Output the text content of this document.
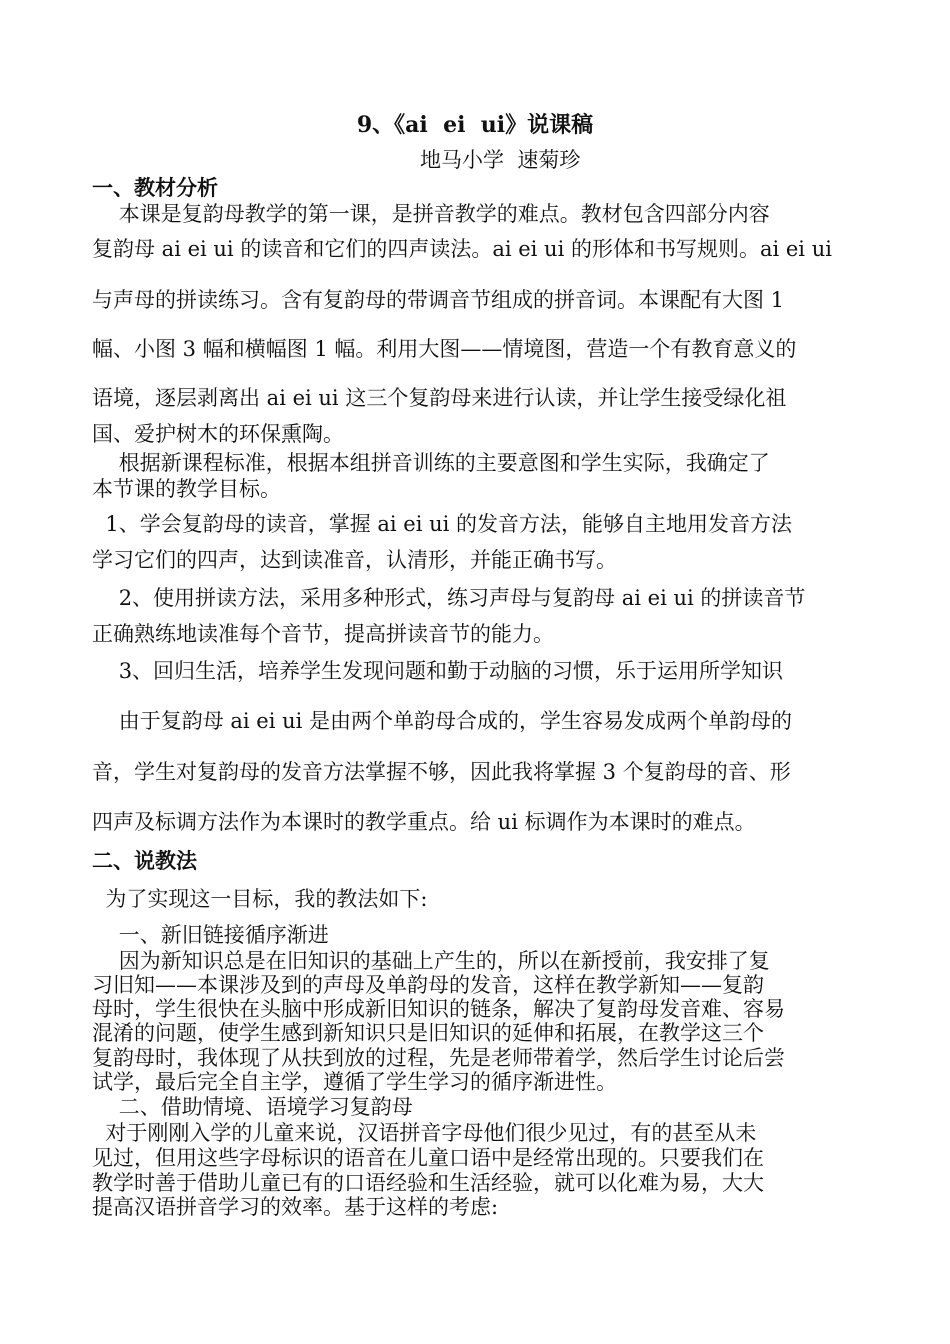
9、《ai  ei  ui》说课稿
地马小学  速菊珍
一、教材分析
本课是复韵母教学的第一课，是拼音教学的难点。教材包含四部分内容
复韵母 ai ei ui 的读音和它们的四声读法。ai ei ui 的形体和书写规则。ai ei ui
与声母的拼读练习。含有复韵母的带调音节组成的拼音词。本课配有大图 1
幅、小图 3 幅和横幅图 1 幅。利用大图——情境图，营造一个有教育意义的
语境，逐层剥离出 ai ei ui 这三个复韵母来进行认读，并让学生接受绿化祖
国、爱护树木的环保熏陶。
根据新课程标准，根据本组拼音训练的主要意图和学生实际，我确定了
本节课的教学目标。
1、学会复韵母的读音，掌握 ai ei ui 的发音方法，能够自主地用发音方法
学习它们的四声，达到读准音，认清形，并能正确书写。
2、使用拼读方法，采用多种形式，练习声母与复韵母 ai ei ui 的拼读音节
正确熟练地读准每个音节，提高拼读音节的能力。
3、回归生活，培养学生发现问题和勤于动脑的习惯，乐于运用所学知识
由于复韵母 ai ei ui 是由两个单韵母合成的，学生容易发成两个单韵母的
音，学生对复韵母的发音方法掌握不够，因此我将掌握 3 个复韵母的音、形
四声及标调方法作为本课时的教学重点。给 ui 标调作为本课时的难点。
二、说教法
为了实现这一目标，我的教法如下:
一、新旧链接循序渐进
因为新知识总是在旧知识的基础上产生的，所以在新授前，我安排了复
习旧知——本课涉及到的声母及单韵母的发音，这样在教学新知——复韵
母时，学生很快在头脑中形成新旧知识的链条，解决了复韵母发音难、容易
混淆的问题，使学生感到新知识只是旧知识的延伸和拓展，在教学这三个
复韵母时，我体现了从扶到放的过程，先是老师带着学，然后学生讨论后尝
试学，最后完全自主学，遵循了学生学习的循序渐进性。
二、借助情境、语境学习复韵母
对于刚刚入学的儿童来说，汉语拼音字母他们很少见过，有的甚至从未
见过，但用这些字母标识的语音在儿童口语中是经常出现的。只要我们在
教学时善于借助儿童已有的口语经验和生活经验，就可以化难为易，大大
提高汉语拼音学习的效率。基于这样的考虑:
